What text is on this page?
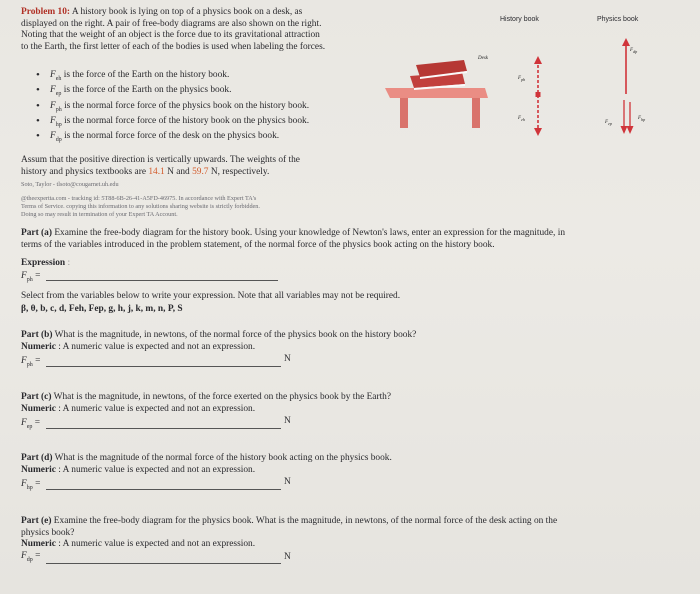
Problem 10: A history book is lying on top of a physics book on a desk, as
displayed on the right. A pair of free-body diagrams are also shown on the right.
Noting that the weight of an object is the force due to its gravitational attraction
to the Earth, the first letter of each of the bodies is used when labeling the forces.
• $F_{eh}$ is the force of the Earth on the history book.
• $F_{ep}$ is the force of the Earth on the physics book.
• $F_{ph}$ is the normal force force of the physics book on the history book.
• $F_{hp}$ is the normal force force of the history book on the physics book.
• $F_{dp}$ is the normal force force of the desk on the physics book.
Assum that the positive direction is vertically upwards. The weights of the
history and physics textbooks are 14.1 N and 59.7 N, respectively.
Soto, Taylor - tlsoto@cougarnet.uh.edu
@theexpertta.com - tracking id: 5T88-6B-26-41-A5FD-46975. In accordance with Expert TA's
Terms of Service. copying this information to any solutions sharing website is strictly forbidden.
Doing so may result in termination of your Expert TA Account.
History book	Physics book
Desk
$F_{ph}$
$F_{eh}$
$F_{dp}$
$F_{ep}$
$F_{hp}$
Part (a) Examine the free-body diagram for the history book. Using your knowledge of Newton's laws, enter an expression for the magnitude, in
terms of the variables introduced in the problem statement, of the normal force of the physics book acting on the history book.
Expression :
$F_{ph}$ =
Select from the variables below to write your expression. Note that all variables may not be required.
β, θ, b, c, d, Feh, Fep, g, h, j, k, m, n, P, S
Part (b) What is the magnitude, in newtons, of the normal force of the physics book on the history book?
Numeric : A numeric value is expected and not an expression.
$F_{ph}$ =	N
Part (c) What is the magnitude, in newtons, of the force exerted on the physics book by the Earth?
Numeric : A numeric value is expected and not an expression.
$F_{ep}$ =	N
Part (d) What is the magnitude of the normal force of the history book acting on the physics book.
Numeric : A numeric value is expected and not an expression.
$F_{hp}$ =	N
Part (e) Examine the free-body diagram for the physics book. What is the magnitude, in newtons, of the normal force of the desk acting on the
physics book?
Numeric : A numeric value is expected and not an expression.
$F_{dp}$ =	N
